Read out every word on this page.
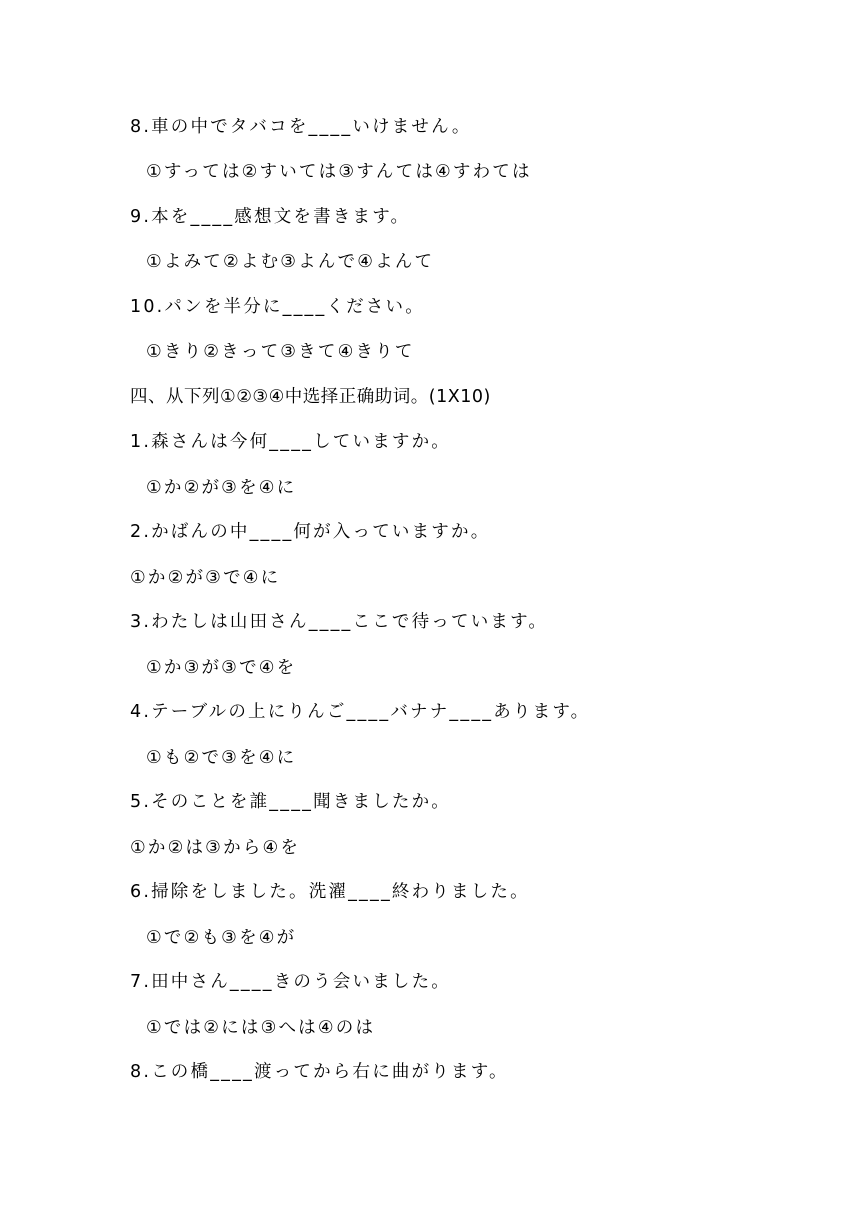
8.車の中でタバコを____いけません。
①すっては②すいては③すんては④すわては
9.本を____感想文を書きます。
①よみて②よむ③よんで④よんて
10.パンを半分に____ください。
①きり②きって③きて④きりて
四、从下列①②③④中选择正确助词。(1X10)
1.森さんは今何____していますか。
①か②が③を④に
2.かばんの中____何が入っていますか。
①か②が③で④に
3.わたしは山田さん____ここで待っています。
①か③が③で④を
4.テーブルの上にりんご____バナナ____あります。
①も②で③を④に
5.そのことを誰____聞きましたか。
①か②は③から④を
6.掃除をしました。洗濯____終わりました。
①で②も③を④が
7.田中さん____きのう会いました。
①では②には③へは④のは
8.この橋____渡ってから右に曲がります。
